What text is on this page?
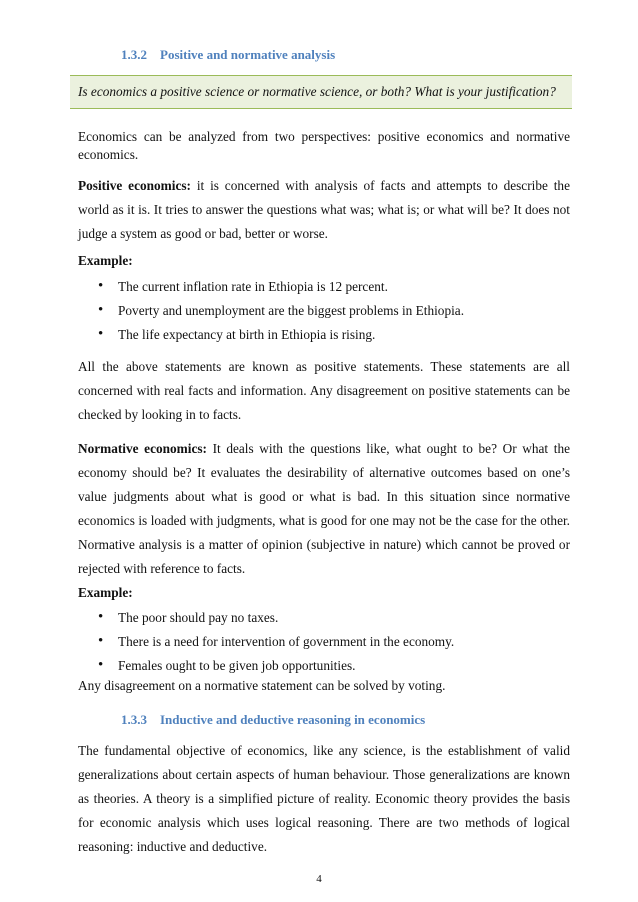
1.3.2 Positive and normative analysis
Is economics a positive science or normative science, or both? What is your justification?

Economics can be analyzed from two perspectives: positive economics and normative economics.

Positive economics: it is concerned with analysis of facts and attempts to describe the world as it is. It tries to answer the questions what was; what is; or what will be? It does not judge a system as good or bad, better or worse.

Example:
• The current inflation rate in Ethiopia is 12 percent.
• Poverty and unemployment are the biggest problems in Ethiopia.
• The life expectancy at birth in Ethiopia is rising.

All the above statements are known as positive statements. These statements are all concerned with real facts and information. Any disagreement on positive statements can be checked by looking in to facts.

Normative economics: It deals with the questions like, what ought to be? Or what the economy should be? It evaluates the desirability of alternative outcomes based on one’s value judgments about what is good or what is bad. In this situation since normative economics is loaded with judgments, what is good for one may not be the case for the other. Normative analysis is a matter of opinion (subjective in nature) which cannot be proved or rejected with reference to facts.

Example:
• The poor should pay no taxes.
• There is a need for intervention of government in the economy.
• Females ought to be given job opportunities.

Any disagreement on a normative statement can be solved by voting.

1.3.3 Inductive and deductive reasoning in economics

The fundamental objective of economics, like any science, is the establishment of valid generalizations about certain aspects of human behaviour. Those generalizations are known as theories. A theory is a simplified picture of reality. Economic theory provides the basis for economic analysis which uses logical reasoning. There are two methods of logical reasoning: inductive and deductive.

4
